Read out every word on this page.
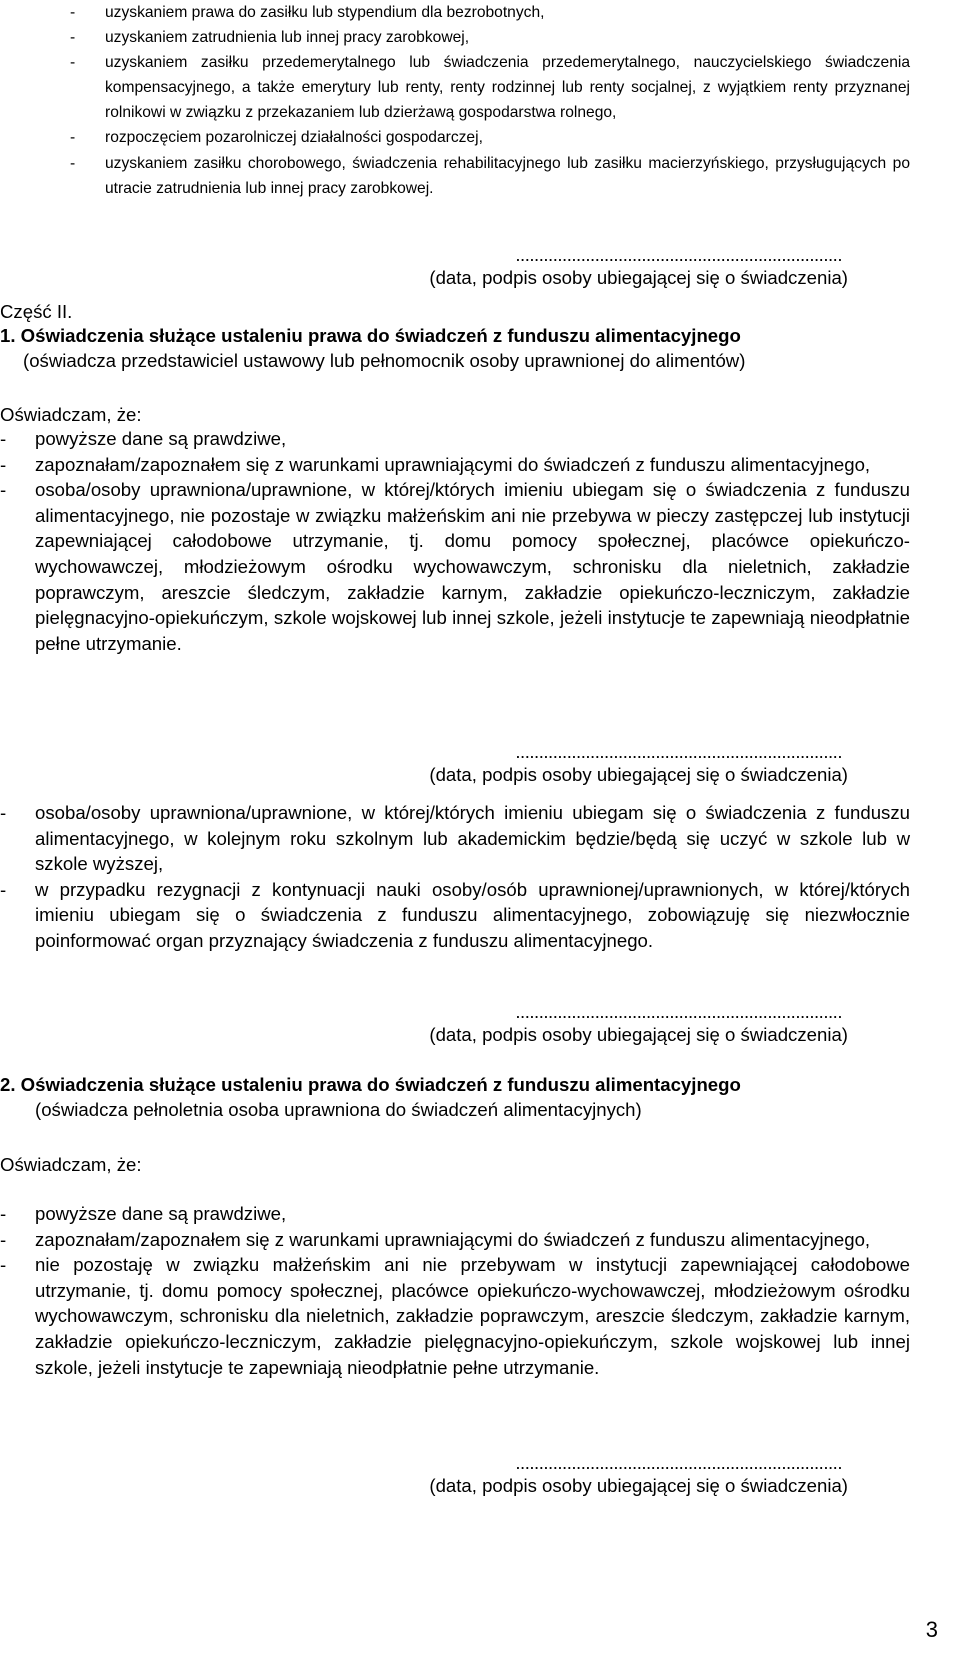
- uzyskaniem prawa do zasiłku lub stypendium dla bezrobotnych,
- uzyskaniem zatrudnienia lub innej pracy zarobkowej,
- uzyskaniem zasiłku przedemerytalnego lub świadczenia przedemerytalnego, nauczycielskiego świadczenia kompensacyjnego, a także emerytury lub renty, renty rodzinnej lub renty socjalnej, z wyjątkiem renty przyznanej rolnikowi w związku z przekazaniem lub dzierżawą gospodarstwa rolnego,
- rozpoczęciem pozarolniczej działalności gospodarczej,
- uzyskaniem zasiłku chorobowego, świadczenia rehabilitacyjnego lub zasiłku macierzyńskiego, przysługujących po utracie zatrudnienia lub innej pracy zarobkowej.
......................................................................
(data, podpis osoby ubiegającej się o świadczenia)
Część II.
1. Oświadczenia służące ustaleniu prawa do świadczeń z funduszu alimentacyjnego
(oświadcza przedstawiciel ustawowy lub pełnomocnik osoby uprawnionej do alimentów)
Oświadczam, że:
- powyższe dane są prawdziwe,
- zapoznałam/zapoznałem się z warunkami uprawniającymi do świadczeń z funduszu alimentacyjnego,
- osoba/osoby uprawniona/uprawnione, w której/których imieniu ubiegam się o świadczenia z funduszu alimentacyjnego, nie pozostaje w związku małżeńskim ani nie przebywa w pieczy zastępczej lub instytucji zapewniającej całodobowe utrzymanie, tj. domu pomocy społecznej, placówce opiekuńczo-wychowawczej, młodzieżowym ośrodku wychowawczym, schronisku dla nieletnich, zakładzie poprawczym, areszcie śledczym, zakładzie karnym, zakładzie opiekuńczo-leczniczym, zakładzie pielęgnacyjno-opiekuńczym, szkole wojskowej lub innej szkole, jeżeli instytucje te zapewniają nieodpłatnie pełne utrzymanie.
......................................................................
(data, podpis osoby ubiegającej się o świadczenia)
- osoba/osoby uprawniona/uprawnione, w której/których imieniu ubiegam się o świadczenia z funduszu alimentacyjnego, w kolejnym roku szkolnym lub akademickim będzie/będą się uczyć w szkole lub w szkole wyższej,
- w przypadku rezygnacji z kontynuacji nauki osoby/osób uprawnionej/uprawnionych, w której/których imieniu ubiegam się o świadczenia z funduszu alimentacyjnego, zobowiązuję się niezwłocznie poinformować organ przyznający świadczenia z funduszu alimentacyjnego.
......................................................................
(data, podpis osoby ubiegającej się o świadczenia)
2. Oświadczenia służące ustaleniu prawa do świadczeń z funduszu alimentacyjnego
(oświadcza pełnoletnia osoba uprawniona do świadczeń alimentacyjnych)
Oświadczam, że:
- powyższe dane są prawdziwe,
- zapoznałam/zapoznałem się z warunkami uprawniającymi do świadczeń z funduszu alimentacyjnego,
- nie pozostaję w związku małżeńskim ani nie przebywam w instytucji zapewniającej całodobowe utrzymanie, tj. domu pomocy społecznej, placówce opiekuńczo-wychowawczej, młodzieżowym ośrodku wychowawczym, schronisku dla nieletnich, zakładzie poprawczym, areszcie śledczym, zakładzie karnym, zakładzie opiekuńczo-leczniczym, zakładzie pielęgnacyjno-opiekuńczym, szkole wojskowej lub innej szkole, jeżeli instytucje te zapewniają nieodpłatnie pełne utrzymanie.
......................................................................
(data, podpis osoby ubiegającej się o świadczenia)
3
